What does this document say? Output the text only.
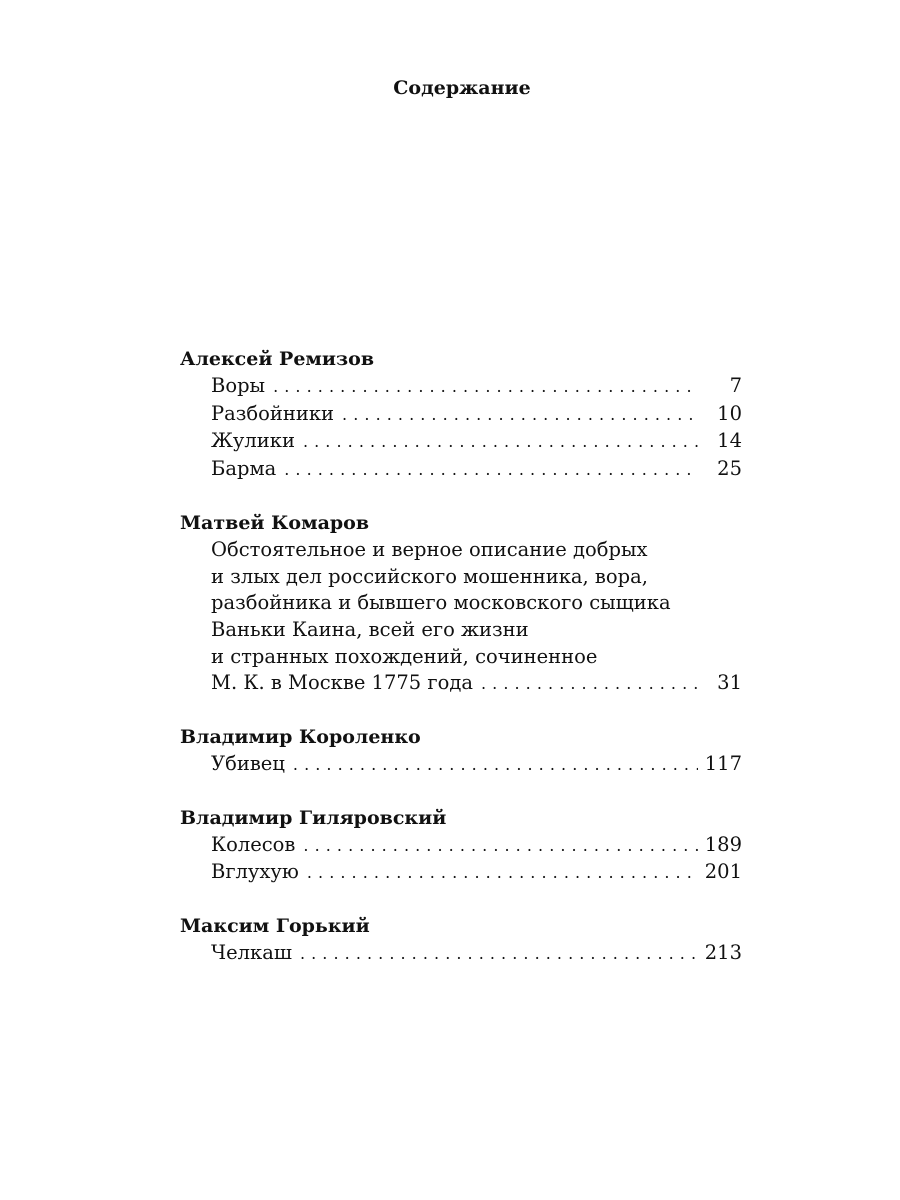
Содержание

Алексей Ремизов

Воры . . .	7
Разбойники . . .	10
Жулики . . .	14
Барма . . .	25

Матвей Комаров

Обстоятельное и верное описание добрых
и злых дел российского мошенника, вора,
разбойника и бывшего московского сыщика
Ваньки Каина, всей его жизни
и странных похождений, сочиненное
М. К. в Москве 1775 года . . .	31

Владимир Короленко

Убивец . . .	117

Владимир Гиляровский

Колесов . . .	189
Вглухую . . .	201

Максим Горький

Челкаш . . .	213
